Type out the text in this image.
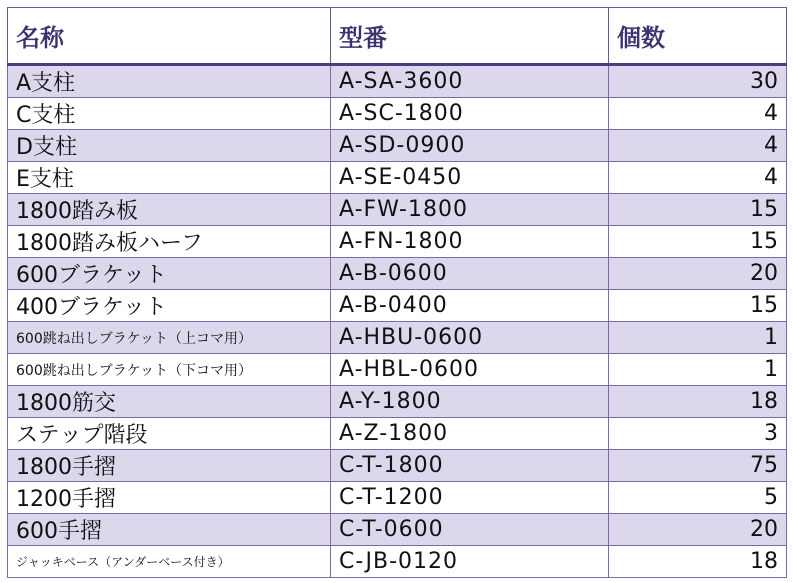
名称	型番	個数
A支柱	A-SA-3600	30
C支柱	A-SC-1800	4
D支柱	A-SD-0900	4
E支柱	A-SE-0450	4
1800踏み板	A-FW-1800	15
1800踏み板ハーフ	A-FN-1800	15
600ブラケット	A-B-0600	20
400ブラケット	A-B-0400	15
600跳ね出しブラケット（上コマ用）	A-HBU-0600	1
600跳ね出しブラケット（下コマ用）	A-HBL-0600	1
1800筋交	A-Y-1800	18
ステップ階段	A-Z-1800	3
1800手摺	C-T-1800	75
1200手摺	C-T-1200	5
600手摺	C-T-0600	20
ジャッキベース（アンダーベース付き）	C-JB-0120	18
